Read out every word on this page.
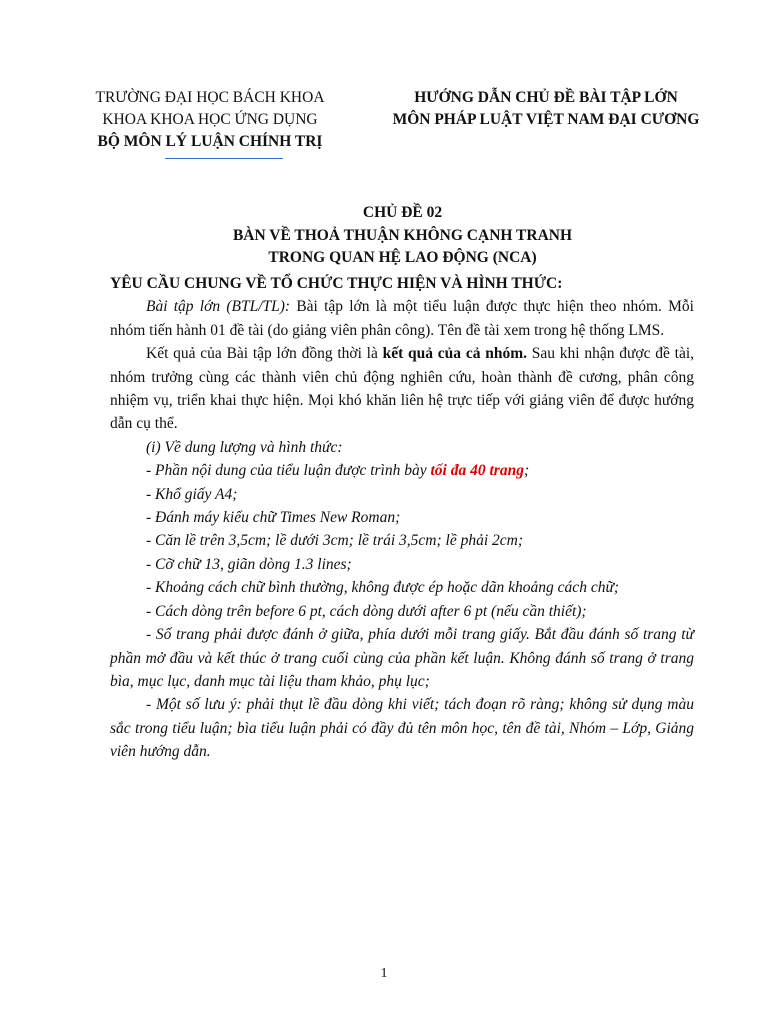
TRƯỜNG ĐẠI HỌC BÁCH KHOA
KHOA KHOA HỌC ỨNG DỤNG
BỘ MÔN LÝ LUẬN CHÍNH TRỊ
HƯỚNG DẪN CHỦ ĐỀ BÀI TẬP LỚN
MÔN PHÁP LUẬT VIỆT NAM ĐẠI CƯƠNG
CHỦ ĐỀ 02
BÀN VỀ THOẢ THUẬN KHÔNG CẠNH TRANH
TRONG QUAN HỆ LAO ĐỘNG (NCA)

YÊU CẦU CHUNG VỀ TỔ CHỨC THỰC HIỆN VÀ HÌNH THỨC:

Bài tập lớn (BTL/TL): Bài tập lớn là một tiểu luận được thực hiện theo nhóm. Mỗi nhóm tiến hành 01 đề tài (do giảng viên phân công). Tên đề tài xem trong hệ thống LMS.

Kết quả của Bài tập lớn đồng thời là kết quả của cả nhóm. Sau khi nhận được đề tài, nhóm trưởng cùng các thành viên chủ động nghiên cứu, hoàn thành đề cương, phân công nhiệm vụ, triển khai thực hiện. Mọi khó khăn liên hệ trực tiếp với giảng viên để được hướng dẫn cụ thể.

(i) Về dung lượng và hình thức:

- Phần nội dung của tiểu luận được trình bày tối đa 40 trang;

- Khổ giấy A4;

- Đánh máy kiểu chữ Times New Roman;

- Căn lề trên 3,5cm; lề dưới 3cm; lề trái 3,5cm; lề phải 2cm;

- Cỡ chữ 13, giãn dòng 1.3 lines;

- Khoảng cách chữ bình thường, không được ép hoặc dãn khoảng cách chữ;

- Cách dòng trên before 6 pt, cách dòng dưới after 6 pt (nếu cần thiết);

- Số trang phải được đánh ở giữa, phía dưới mỗi trang giấy. Bắt đầu đánh số trang từ phần mở đầu và kết thúc ở trang cuối cùng của phần kết luận. Không đánh số trang ở trang bìa, mục lục, danh mục tài liệu tham khảo, phụ lục;

- Một số lưu ý: phải thụt lề đầu dòng khi viết; tách đoạn rõ ràng; không sử dụng màu sắc trong tiểu luận; bìa tiểu luận phải có đầy đủ tên môn học, tên đề tài, Nhóm – Lớp, Giảng viên hướng dẫn.

1
